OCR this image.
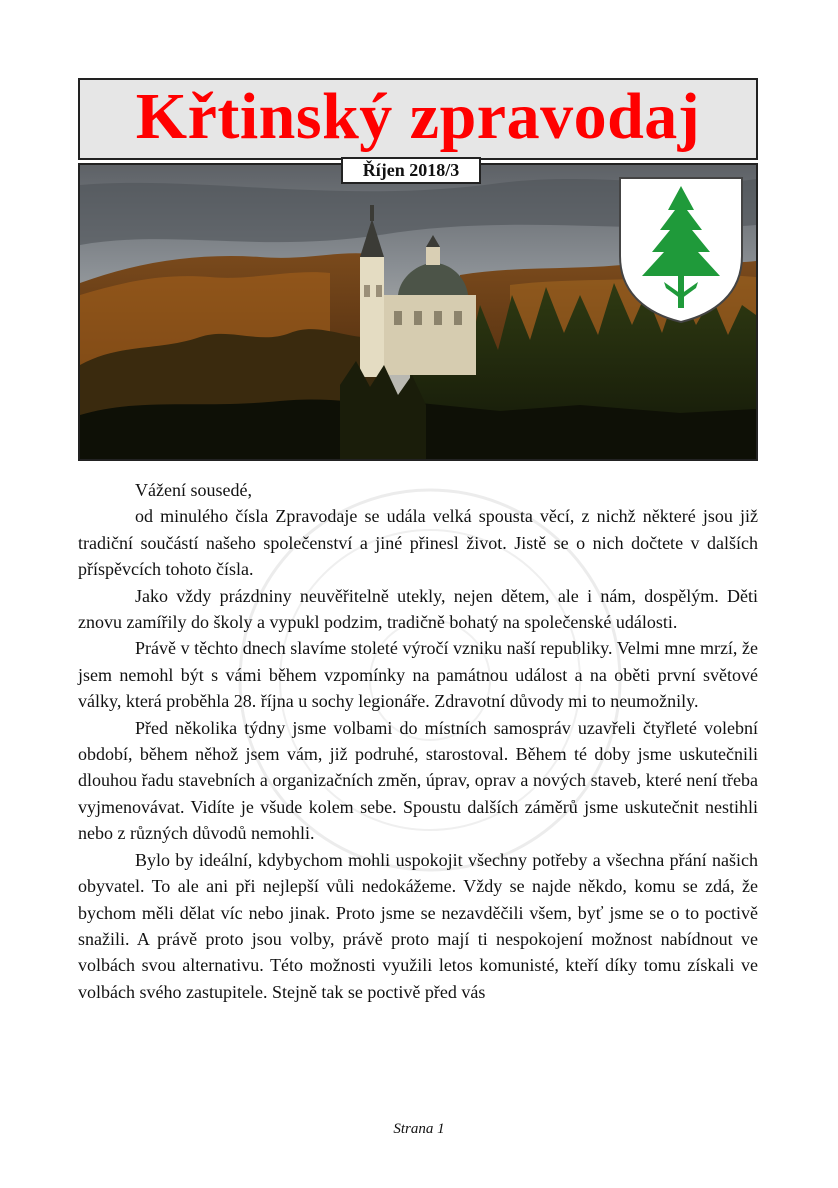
Křtinský zpravodaj
Říjen 2018/3

Vážení sousedé,

od minulého čísla Zpravodaje se udála velká spousta věcí, z nichž některé jsou již tradiční součástí našeho společenství a jiné přinesl život. Jistě se o nich dočtete v dalších příspěvcích tohoto čísla.

Jako vždy prázdniny neuvěřitelně utekly, nejen dětem, ale i nám, dospělým. Děti znovu zamířily do školy a vypukl podzim, tradičně bohatý na společenské události.

Právě v těchto dnech slavíme stoleté výročí vzniku naší republiky. Velmi mne mrzí, že jsem nemohl být s vámi během vzpomínky na památnou událost a na oběti první světové války, která proběhla 28. října u sochy legionáře. Zdravotní důvody mi to neumožnily.

Před několika týdny jsme volbami do místních samospráv uzavřeli čtyřleté volební období, během něhož jsem vám, již podruhé, starostoval. Během té doby jsme uskutečnili dlouhou řadu stavebních a organizačních změn, úprav, oprav a nových staveb, které není třeba vyjmenovávat. Vidíte je všude kolem sebe. Spoustu dalších záměrů jsme uskutečnit nestihli nebo z různých důvodů nemohli.

Bylo by ideální, kdybychom mohli uspokojit všechny potřeby a všechna přání našich obyvatel. To ale ani při nejlepší vůli nedokážeme. Vždy se najde někdo, komu se zdá, že bychom měli dělat víc nebo jinak. Proto jsme se nezavděčili všem, byť jsme se o to poctivě snažili. A právě proto jsou volby, právě proto mají ti nespokojení možnost nabídnout ve volbách svou alternativu. Této možnosti využili letos komunisté, kteří díky tomu získali ve volbách svého zastupitele. Stejně tak se poctivě před vás

Strana 1
